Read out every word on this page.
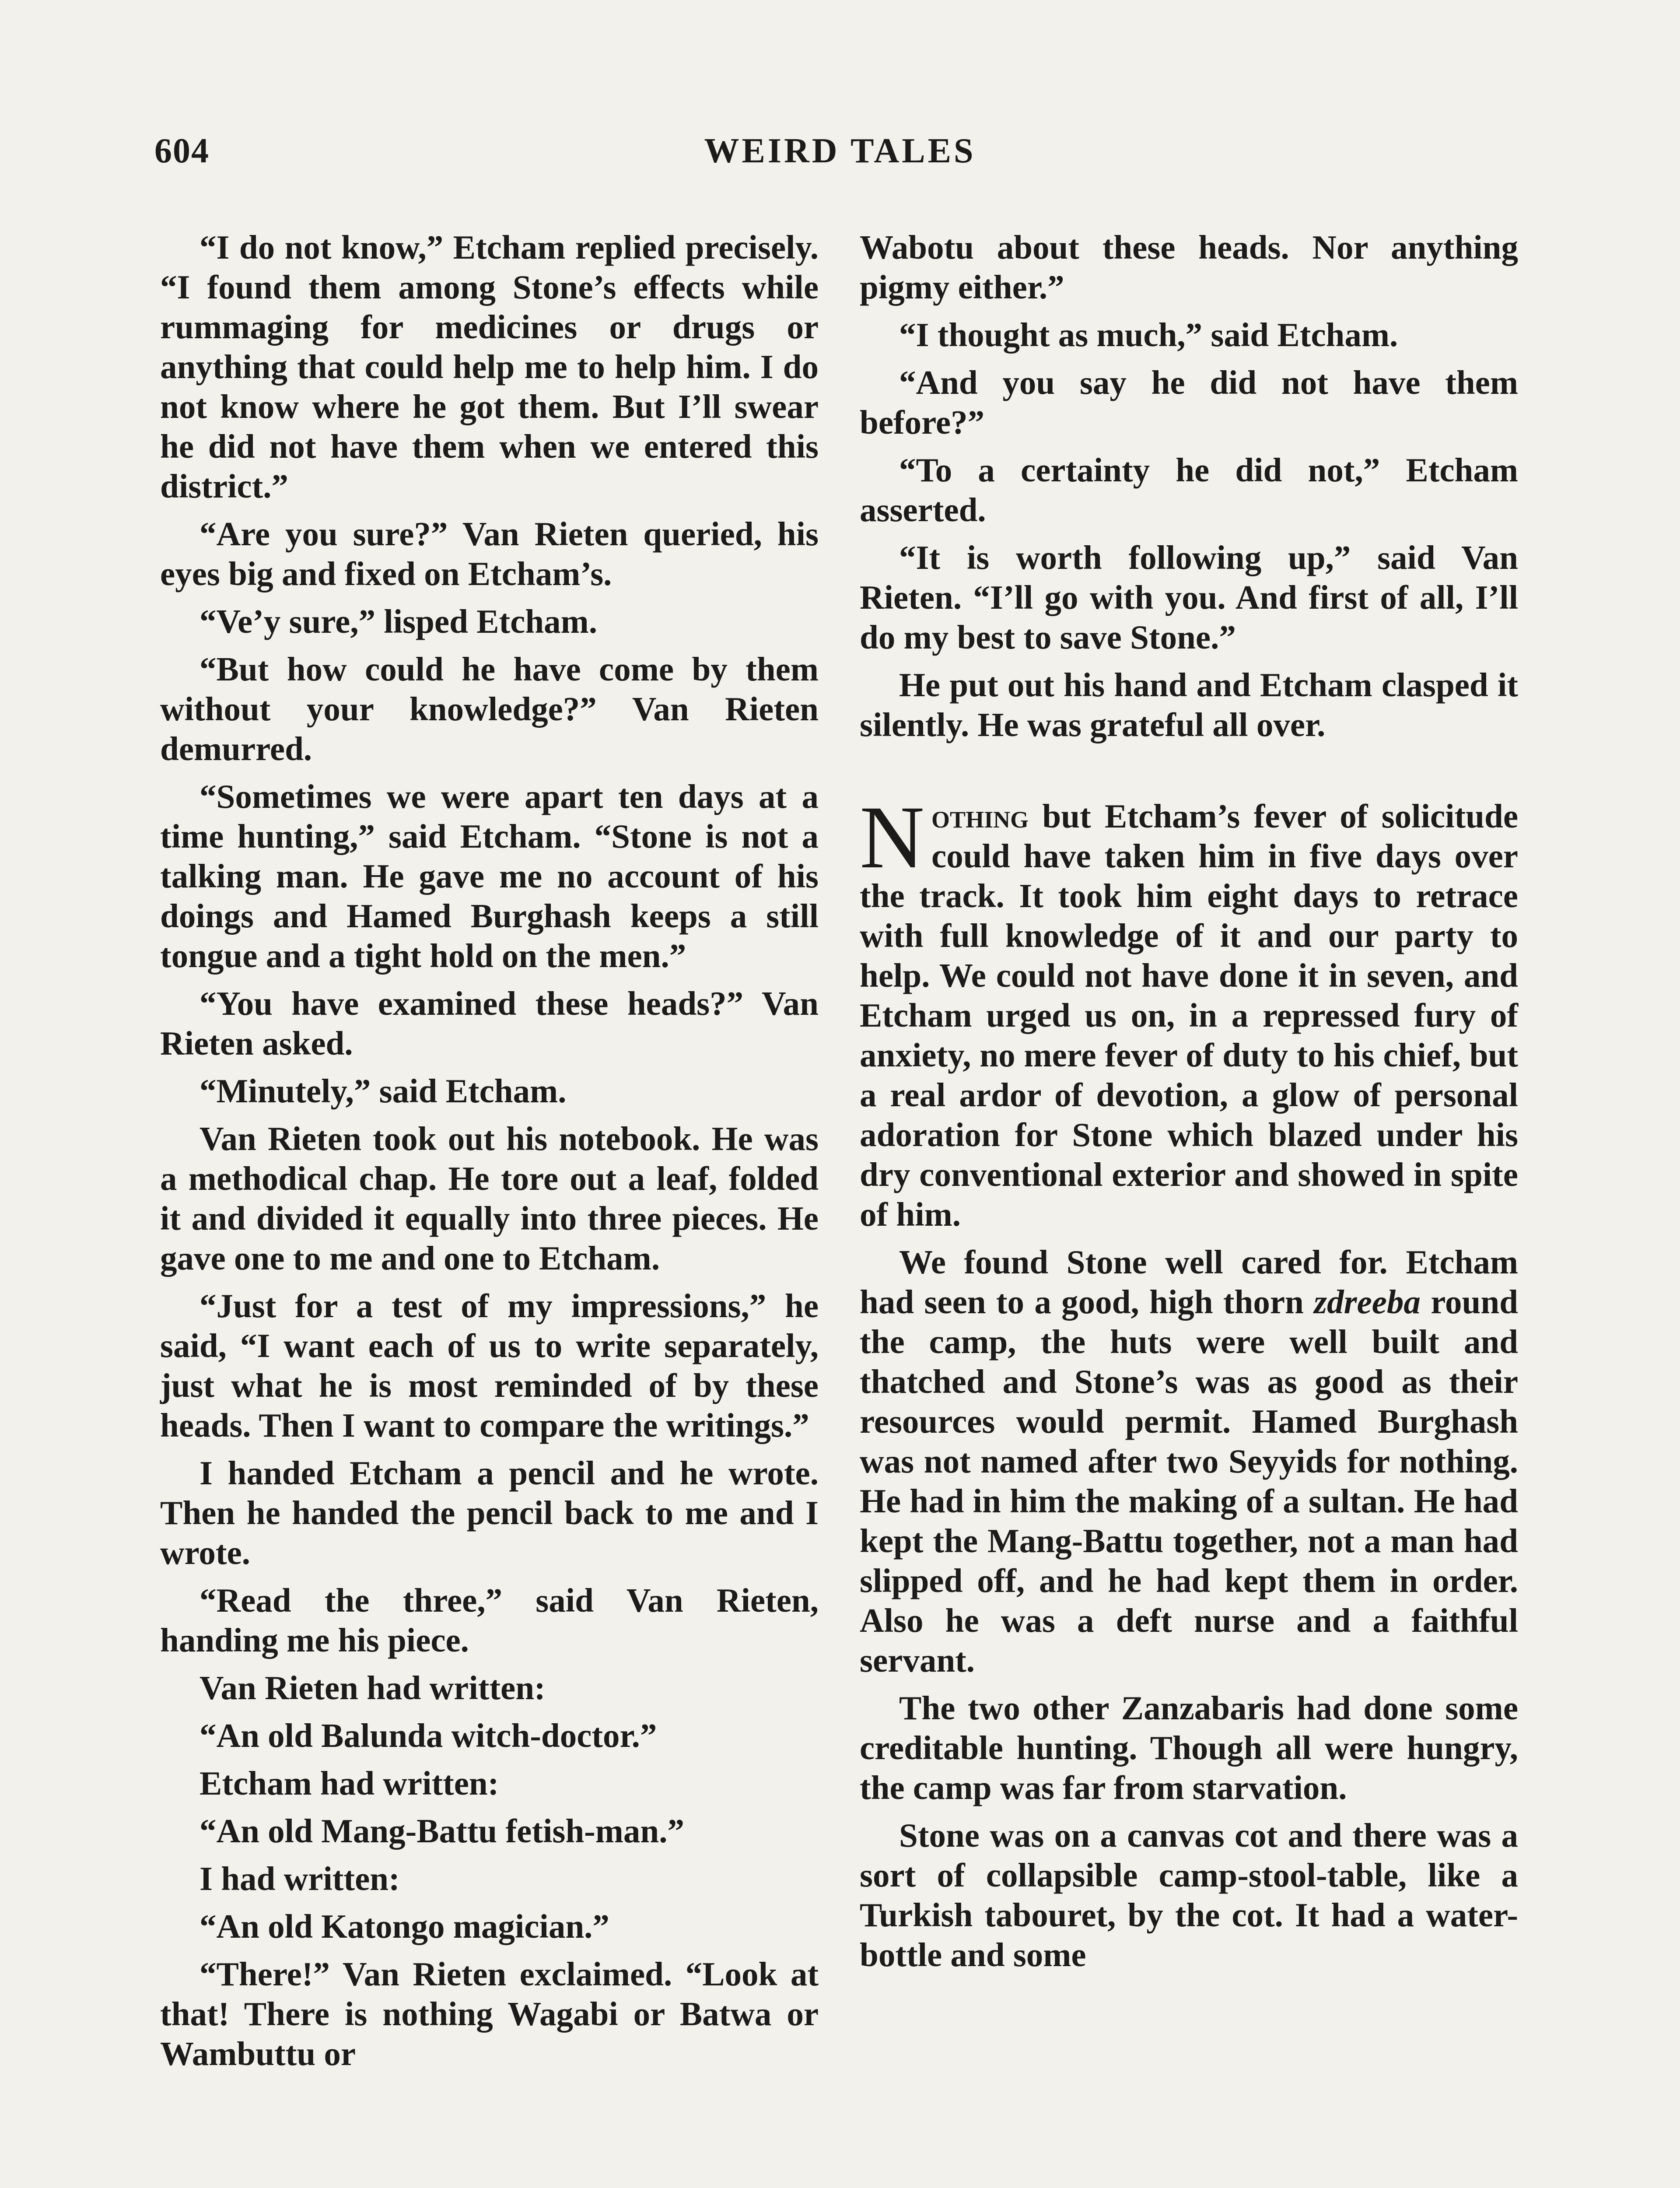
604	WEIRD TALES

“I do not know,” Etcham replied precisely. “I found them among Stone’s effects while rummaging for medicines or drugs or anything that could help me to help him. I do not know where he got them. But I’ll swear he did not have them when we entered this district.”

“Are you sure?” Van Rieten queried, his eyes big and fixed on Etcham’s.

“Ve’y sure,” lisped Etcham.

“But how could he have come by them without your knowledge?” Van Rieten demurred.

“Sometimes we were apart ten days at a time hunting,” said Etcham. “Stone is not a talking man. He gave me no account of his doings and Hamed Burghash keeps a still tongue and a tight hold on the men.”

“You have examined these heads?” Van Rieten asked.

“Minutely,” said Etcham.

Van Rieten took out his notebook. He was a methodical chap. He tore out a leaf, folded it and divided it equally into three pieces. He gave one to me and one to Etcham.

“Just for a test of my impressions,” he said, “I want each of us to write separately, just what he is most reminded of by these heads. Then I want to compare the writings.”

I handed Etcham a pencil and he wrote. Then he handed the pencil back to me and I wrote.

“Read the three,” said Van Rieten, handing me his piece.

Van Rieten had written:

“An old Balunda witch-doctor.”

Etcham had written:

“An old Mang-Battu fetish-man.”

I had written:

“An old Katongo magician.”

“There!” Van Rieten exclaimed. “Look at that! There is nothing Wagabi or Batwa or Wambuttu or

Wabotu about these heads. Nor anything pigmy either.”

“I thought as much,” said Etcham.

“And you say he did not have them before?”

“To a certainty he did not,” Etcham asserted.

“It is worth following up,” said Van Rieten. “I’ll go with you. And first of all, I’ll do my best to save Stone.”

He put out his hand and Etcham clasped it silently. He was grateful all over.

Nothing but Etcham’s fever of solicitude could have taken him in five days over the track. It took him eight days to retrace with full knowledge of it and our party to help. We could not have done it in seven, and Etcham urged us on, in a repressed fury of anxiety, no mere fever of duty to his chief, but a real ardor of devotion, a glow of personal adoration for Stone which blazed under his dry conventional exterior and showed in spite of him.

We found Stone well cared for. Etcham had seen to a good, high thorn zdreeba round the camp, the huts were well built and thatched and Stone’s was as good as their resources would permit. Hamed Burghash was not named after two Seyyids for nothing. He had in him the making of a sultan. He had kept the Mang-Battu together, not a man had slipped off, and he had kept them in order. Also he was a deft nurse and a faithful servant.

The two other Zanzabaris had done some creditable hunting. Though all were hungry, the camp was far from starvation.

Stone was on a canvas cot and there was a sort of collapsible camp-stool-table, like a Turkish tabouret, by the cot. It had a water-bottle and some
